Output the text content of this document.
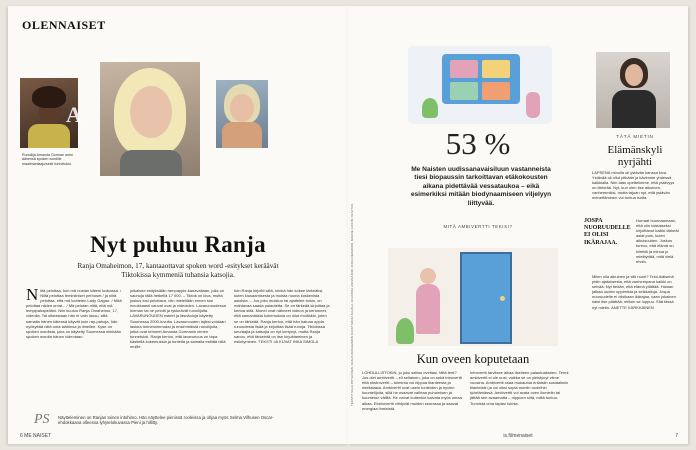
OLENNAISET
A
Runoilija Amanda Gorman antoi äänensä spoken wordille maailmanlaajuisesti tunnetuksi.
Nyt puhuu Ranja
Ranja Omaheimon, 17, kantaaottavat spoken word -esitykset keräävät Tiktokissa kymmeniä tuhansia katsojia.
N iitä pelottaa, kun mä nostan käteni luokassa. / Niitä pelottaa feminiiniset perhoset / ja niitä pelottaa, että mä luottelen Lady Gagan. / Niitä pelottaa niiden omat... / Mä pelotan niitä, että mä lempipahapeliäni. Niin kuuluu Ranja Omaheimo, 17, videolla. Tai oikeastaan hän ei vain lausu, sillä samalla hänen kätensä käyvät kuin rap-pahoja, hän nyökyttää niitä oma tahtiinsa ja ilmeilee. Kyse on spoken wordista, joka on käytetty Suomessa niinkään spoken wordia hänen videotaan.
julkaisee esityksiään rampapple-kanavallaan, jolla on saunoja tällä hetkellä 17 000. – Tiktok on kiva, mutta joskus tosi pelottava, niin mielellään ennen tosi innokkaasti vauvat ovat ja videoiden. Lavarunoudessa hieman tai ne pelotti ja tykkeävät runoilijoita. LAVARUNOUDEN esteet ja läsnäoloja käytetty Suomessa 2000-luvulta. Lavarunouden lajiksi voidaan laskea tunnetuimmaksi ja ensimmäisiä runoilijoita, jotka ovat tehneet Amanda Gormanin nimen tunnetuksi. Ranja kertoo, että lavarunous on tapa käsitellä kokemuksia ja tunteita ja samalla esittää niitä muille.
toin Ranja kirjoitti siitä, minkä hän kokee tärkeäksi, kuten kiusaamisesta ja muista nuoria koskevista asioista. – Jos joku muistuu tai ajattelee toisin, on mahtavaa saada palautetta. Se on tärkeää kirjoittaa ja kertoa siitä. Monet ovat nähneet videon ja kertoneet, että samanlaisia kokemuksia on ollut muillakin, joten se on tärkeää. Ranja kertoo, että hän haluaa oppia runoudesta lisää ja kirjoittaa lisää runoja. Tiktokissa seuraajia ja katsojia on nyt kertynyt, mutta Ranja sanoo, että tärkeintä on itse kirjoittaminen ja esiintyminen. TEKSTI JA KUVAT INKA SIMOLA
PS Näytteleminen on Ranjan toinen intohimo. Hän näyttelee pienissä rooleissa ja ohjaa myös Selma Vilhusen Oscar-ehdokkaana olleessa lyhytelokuvassa Pieni ja hillitty.
6 ME NAISET
TEKSTIT SILJA PÖYHÖNEN, RANJA OMAHEIMON KUVAT MIRJA KUJALA, JOHANNA LINNAVUORI, ANNA DIEKMANN, MARIJE JACOB / KUVITUS
53 %
Me Naisten uudissanavaisiluun vastanneista tiesi biopaussin tarkoittavan etäkokousten aikana pidettävää vessataukoa – eikä esimerkiksi mitään biodynaamiseen viljelyyn liittyvää.
MITÄ AMBIVERTTI TEKISI?
Kun oveen koputetaan
LOHDULLISTOKIN, jo joku sattuu oveltasi. Mitä teet? Jos olet ambivertti – eli sellainen, joka on sekä introvertti että ekstrovertti – toiminta voi riippua tilanteesta ja mielialasta. Ambivertit ovat usein tunteiden ja hyvien kuuntelijoita, sillä he osaavat vaihtaa puhumisen ja kuuntelun välillä. He voivat kuitenkin kaivata myös omaa aikaa. Ekstrovertit viihtyvät muiden seurassa ja saavat energiaa ihmisistä.
Introvertti tarvitsee aikaa itselleen palautuakseen. Termi ambivertti ei ole uusi, vaikka se on yleistynyt viime vuosina. Ambivertti osaa mukautua erilaisiin sosiaalisiin tilanteisiin ja voi siksi sopia moniin rooleihin työelämässä. Ambivertti voi avata oven ilomielin tai jättää sen avaamatta – riippuen siitä, miltä tuntuu. Tunnista oma tapasi toimia.
TÄTÄ MIETIN
Elämänskyli nyrjähti
LAPSENA minulla oli ystävän kanssa kiva. Ystävää oli ollut pitkään ja kävimme yhdessä kaikkialla. Niin taas opettelimme, että ystävyys on tärkeää. Nyt, kun olen itse aikuinen, vanhemmiksi, mutta tajuan nyt, että ystävän menettäminen voi tuntua isolta.
JOSPA NUORUUDELLE EI OLISI IKÄRAJAA.
Hurraat huomaamaan, että olin toistaiseksi kirjoittanut kaikki tärkeät asiat pois, kuten aikuisuuden. Joskus tuntuu, että elämä on kiirettä ja minua jo mietityttää, mitä vielä ehdin.
Miten olla aikuinen ja silti nuori? Teini-ikäisenä pidin ajatuksesta, että vanhempana kaikki on selvää. Nyt tiedän, että elämä yllättää. Haluan jatkaa uuden oppimista ja seikkailuja. Jospa nuoruudelle ei olisikaan ikärajaa, vaan jokainen saisi itse päättää, milloin se loppuu. Sitä tässä nyt mietin. ANETTE KÄRKKÄINEN
is.fi/menaiset	7
